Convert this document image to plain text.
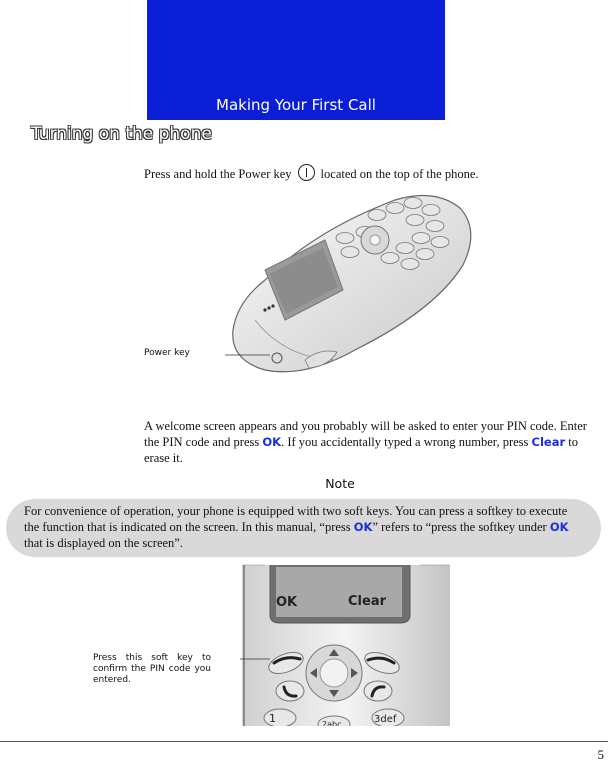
Making Your First Call
Turning on the phone
Press and hold the Power key located on the top of the phone.
Power key
A welcome screen appears and you probably will be asked to enter your PIN code. Enter the PIN code and press OK. If you accidentally typed a wrong number, press Clear to erase it.
Note
For convenience of operation, your phone is equipped with two soft keys. You can press a softkey to execute the function that is indicated on the screen. In this manual, “press OK” refers to “press the softkey under OK that is displayed on the screen”.
OK	Clear
1	2abc	3def
Press this soft key to confirm the PIN code you entered.
5
